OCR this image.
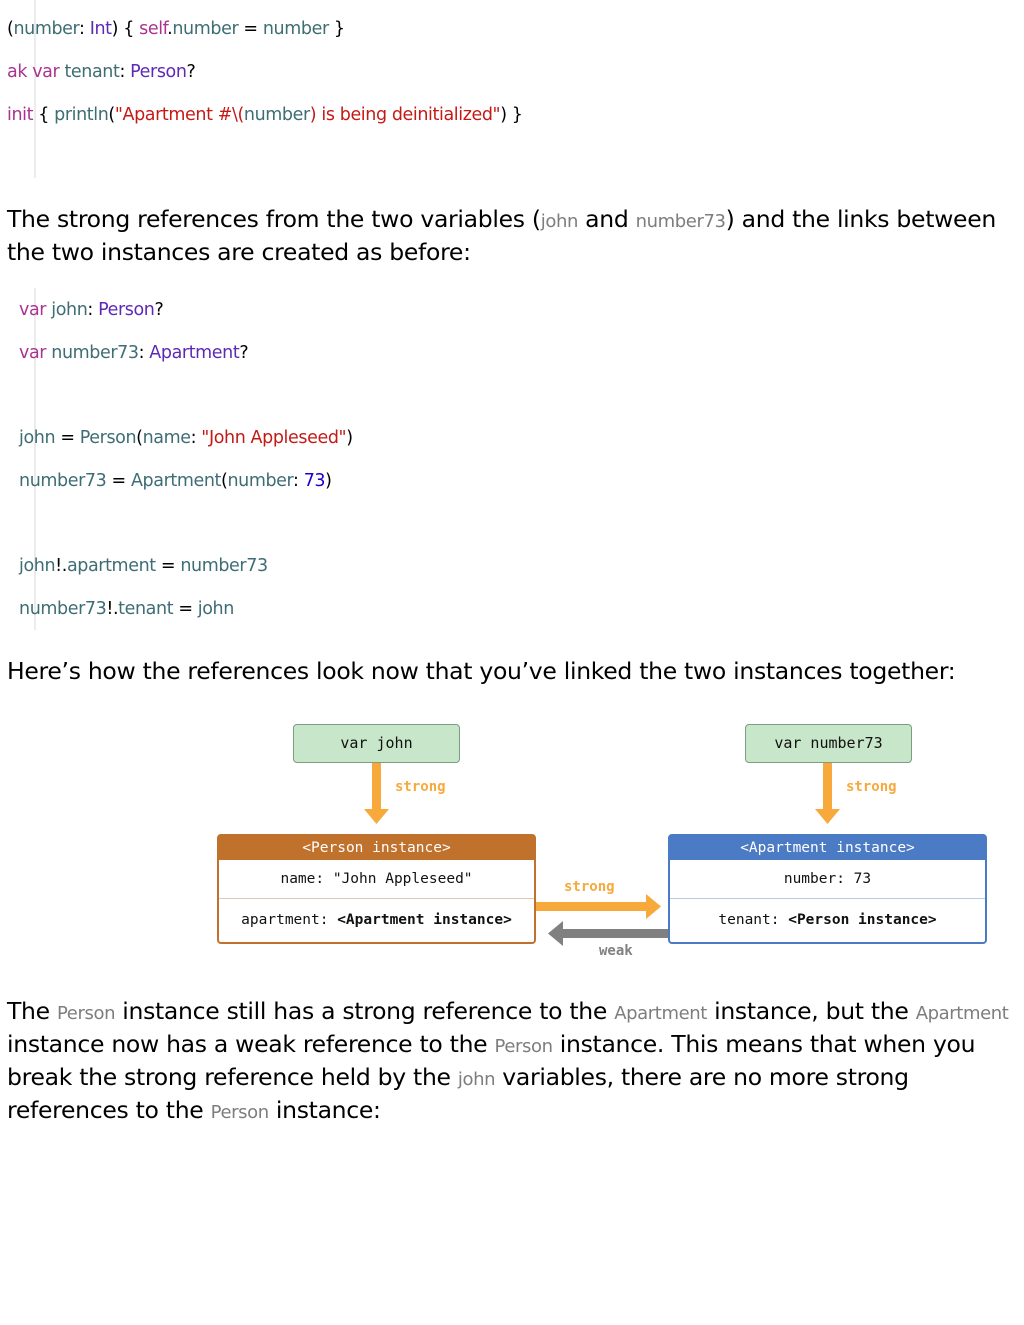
(number: Int) { self.number = number }
ak var tenant: Person?
init { println("Apartment #\(number) is being deinitialized") }

The strong references from the two variables (john and number73) and the links between the two instances are created as before:

var john: Person?
var number73: Apartment?
john = Person(name: "John Appleseed")
number73 = Apartment(number: 73)
john!.apartment = number73
number73!.tenant = john

Here’s how the references look now that you’ve linked the two instances together:

var john	var number73
strong	strong
strong
weak
<Person instance>
name: "John Appleseed"
apartment: <Apartment instance>
<Apartment instance>
number: 73
tenant: <Person instance>

The Person instance still has a strong reference to the Apartment instance, but the Apartment instance now has a weak reference to the Person instance. This means that when you break the strong reference held by the john variables, there are no more strong references to the Person instance:
